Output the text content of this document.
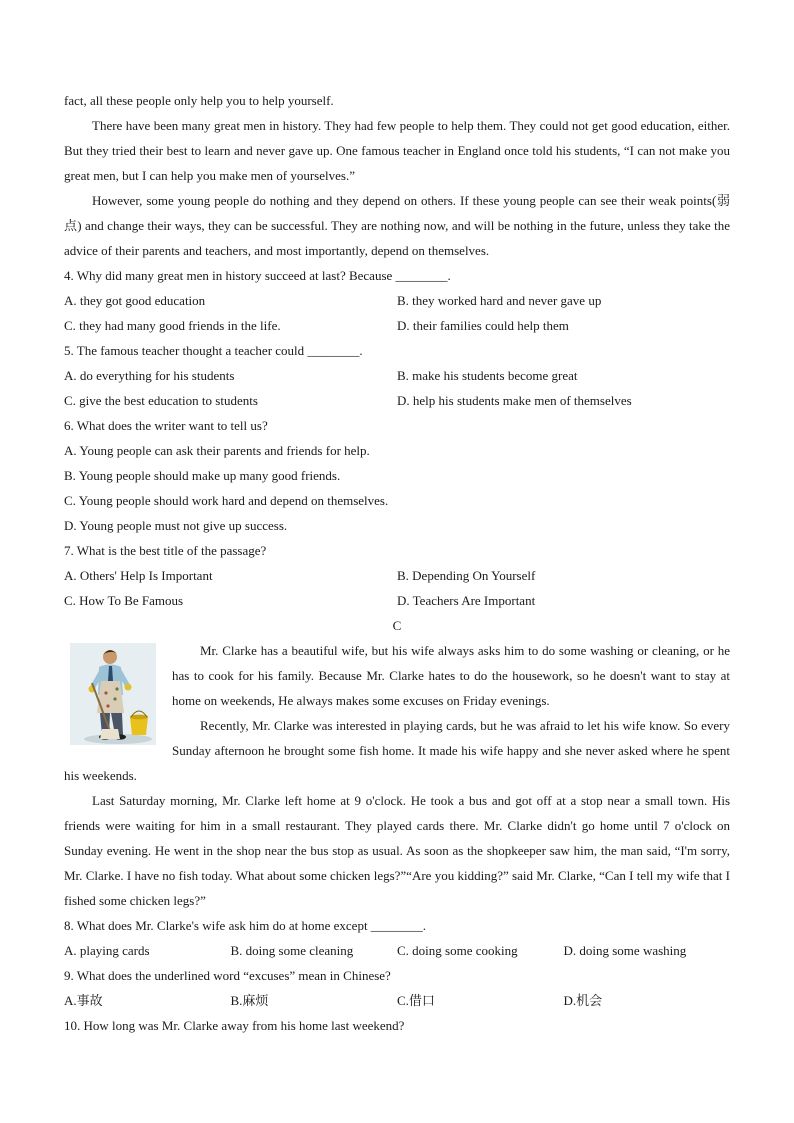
fact, all these people only help you to help yourself.
There have been many great men in history. They had few people to help them. They could not get good education, either. But they tried their best to learn and never gave up. One famous teacher in England once told his students, “I can not make you great men, but I can help you make men of yourselves.”
However, some young people do nothing and they depend on others. If these young people can see their weak points(弱点) and change their ways, they can be successful. They are nothing now, and will be nothing in the future, unless they take the advice of their parents and teachers, and most importantly, depend on themselves.
4. Why did many great men in history succeed at last? Because ________.
A. they got good education	B. they worked hard and never gave up
C. they had many good friends in the life.	D. their families could help them
5. The famous teacher thought a teacher could ________.
A. do everything for his students	B. make his students become great
C. give the best education to students	D. help his students make men of themselves
6. What does the writer want to tell us?
A. Young people can ask their parents and friends for help.
B. Young people should make up many good friends.
C. Young people should work hard and depend on themselves.
D. Young people must not give up success.
7. What is the best title of the passage?
A. Others' Help Is Important	B. Depending On Yourself
C. How To Be Famous	D. Teachers Are Important
C
Mr. Clarke has a beautiful wife, but his wife always asks him to do some washing or cleaning, or he has to cook for his family. Because Mr. Clarke hates to do the housework, so he doesn't want to stay at home on weekends, He always makes some excuses on Friday evenings.
Recently, Mr. Clarke was interested in playing cards, but he was afraid to let his wife know. So every Sunday afternoon he brought some fish home. It made his wife happy and she never asked where he spent his weekends.
Last Saturday morning, Mr. Clarke left home at 9 o'clock. He took a bus and got off at a stop near a small town. His friends were waiting for him in a small restaurant. They played cards there. Mr. Clarke didn't go home until 7 o'clock on Sunday evening. He went in the shop near the bus stop as usual. As soon as the shopkeeper saw him, the man said, “I'm sorry, Mr. Clarke. I have no fish today. What about some chicken legs?”“Are you kidding?” said Mr. Clarke, “Can I tell my wife that I fished some chicken legs?”
8. What does Mr. Clarke's wife ask him do at home except ________.
A. playing cards	B. doing some cleaning	C. doing some cooking	D. doing some washing
9. What does the underlined word “excuses” mean in Chinese?
A.事故	B.麻烦	C.借口	D.机会
10. How long was Mr. Clarke away from his home last weekend?
